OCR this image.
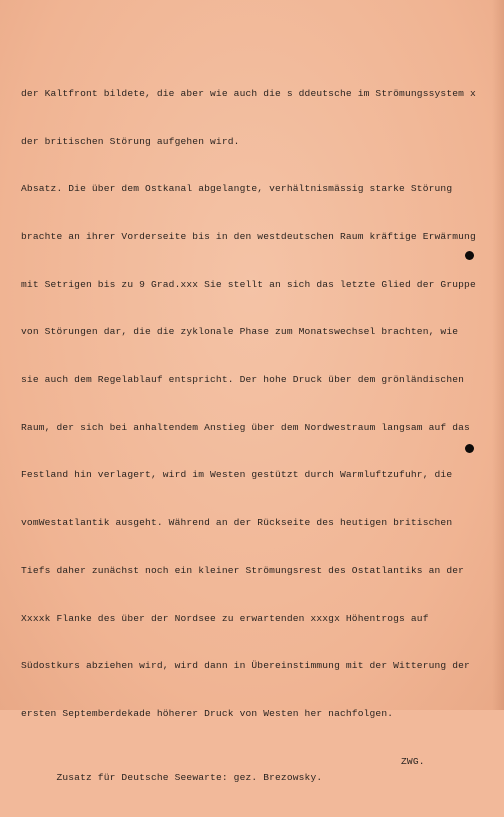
der Kaltfront bildete, die aber wie auch die s ddeutsche im Strömungssystem x

der britischen Störung aufgehen wird.

Absatz. Die über dem Ostkanal abgelangte, verhältnismässig starke Störung

brachte an ihrer Vorderseite bis in den westdeutschen Raum kräftige Erwärmung

mit Setrigen bis zu 9 Grad.xxx Sie stellt an sich das letzte Glied der Gruppe

von Störungen dar, die die zyklonale Phase zum Monatswechsel brachten, wie

sie auch dem Regelablauf entspricht. Der hohe Druck über dem grönländischen

Raum, der sich bei anhaltendem Anstieg über dem Nordwestraum langsam auf das

Festland hin verlagert, wird im Westen gestützt durch Warmluftzufuhr, die

vomWestatlantik ausgeht. Während an der Rückseite des heutigen britischen

Tiefs daher zunächst noch ein kleiner Strömungsrest des Ostatlantiks an der

Xxxxk Flanke des über der Nordsee zu erwartenden xxxgx Höhentrogs auf

Südostkurs abziehen wird, wird dann in Übereinstimmung mit der Witterung der

ersten Septemberdekade höherer Druck von Westen her nachfolgen.

Zusatz für Deutsche Seewarte: gez. Brezowsky.

ZWG.
